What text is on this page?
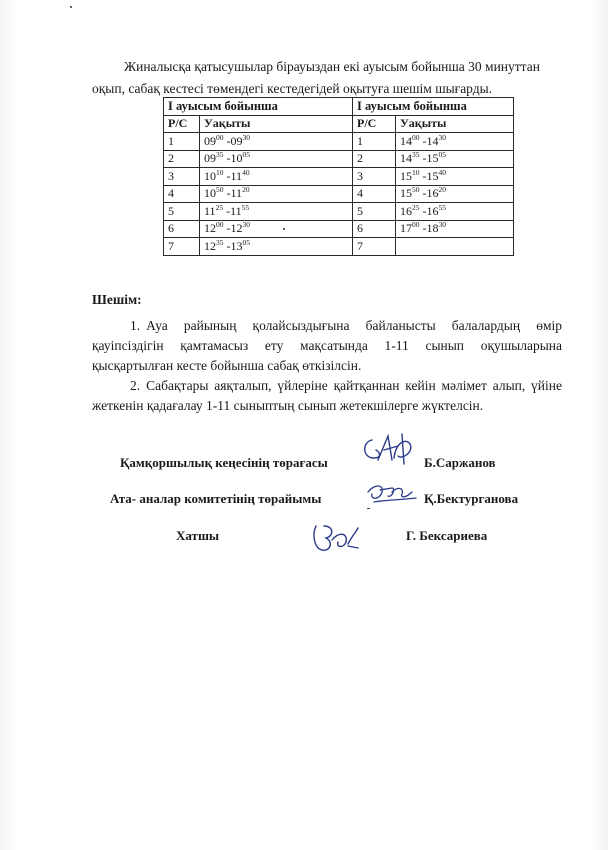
Жиналысқа қатысушылар бірауыздан екі ауысым бойынша 30 минуттан
оқып, сабақ кестесі төмендегі кестедегідей оқытуға шешім шығарды.
І ауысым бойынша		І ауысым бойынша	
Р/С	Уақыты	Р/С	Уақыты
1	$09^{00}$ $-09^{30}$	1	$14^{00}$ $-14^{30}$
2	$09^{35}$ $-10^{05}$	2	$14^{35}$ $-15^{05}$
3	$10^{10}$ $-11^{40}$	3	$15^{10}$ $-15^{40}$
4	$10^{50}$ $-11^{20}$	4	$15^{50}$ $-16^{20}$
5	$11^{25}$ $-11^{55}$	5	$16^{25}$ $-16^{55}$
6	$12^{00}$ $-12^{30}$	6	$17^{00}$ $-18^{30}$
7	$12^{35}$ $-13^{05}$	7	
Шешім:
1. Ауа райының қолайсыздығына байланысты балалардың өмір қауіпсіздігін қамтамасыз ету мақсатында 1-11 сынып оқушыларына қысқартылған кесте бойынша сабақ өткізілсін.
2. Сабақтары аяқталып, үйлеріне қайтқаннан кейін мәлімет алып, үйіне жеткенін қадағалау 1-11 сыныптың сынып жетекшілерге жүктелсін.
Қамқоршылық кеңесінің төрағасы	Б.Саржанов
Ата- аналар комитетінің төрайымы	Қ.Бектурганова
Хатшы	Г. Бексариева
